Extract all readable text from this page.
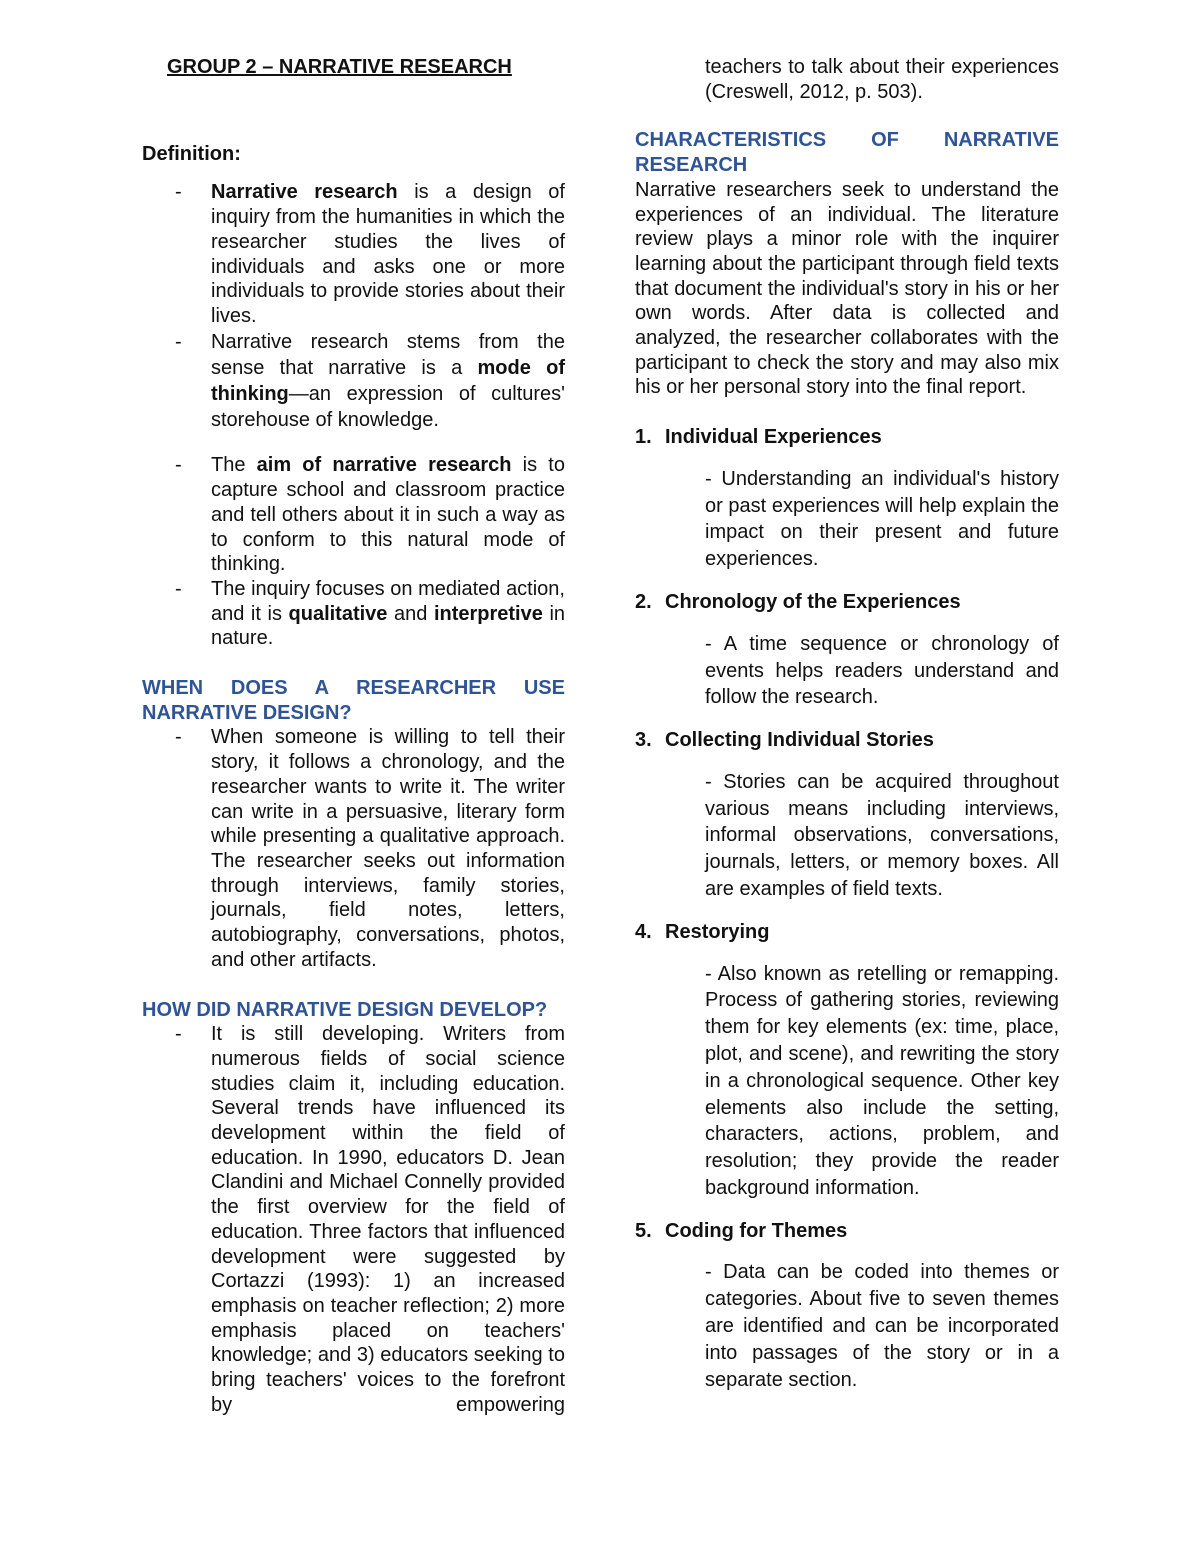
GROUP 2 – NARRATIVE RESEARCH

Definition:

-	Narrative research is a design of inquiry from the humanities in which the researcher studies the lives of individuals and asks one or more individuals to provide stories about their lives.
-	Narrative research stems from the sense that narrative is a mode of thinking—an expression of cultures' storehouse of knowledge.
-	The aim of narrative research is to capture school and classroom practice and tell others about it in such a way as to conform to this natural mode of thinking.
-	The inquiry focuses on mediated action, and it is qualitative and interpretive in nature.

WHEN DOES A RESEARCHER USE NARRATIVE DESIGN?

-	When someone is willing to tell their story, it follows a chronology, and the researcher wants to write it. The writer can write in a persuasive, literary form while presenting a qualitative approach. The researcher seeks out information through interviews, family stories, journals, field notes, letters, autobiography, conversations, photos, and other artifacts.

HOW DID NARRATIVE DESIGN DEVELOP?

-	It is still developing. Writers from numerous fields of social science studies claim it, including education. Several trends have influenced its development within the field of education. In 1990, educators D. Jean Clandini and Michael Connelly provided the first overview for the field of education. Three factors that influenced development were suggested by Cortazzi (1993): 1) an increased emphasis on teacher reflection; 2) more emphasis placed on teachers' knowledge; and 3) educators seeking to bring teachers' voices to the forefront by empowering

teachers to talk about their experiences (Creswell, 2012, p. 503).

CHARACTERISTICS OF NARRATIVE RESEARCH

Narrative researchers seek to understand the experiences of an individual. The literature review plays a minor role with the inquirer learning about the participant through field texts that document the individual's story in his or her own words. After data is collected and analyzed, the researcher collaborates with the participant to check the story and may also mix his or her personal story into the final report.

1. Individual Experiences

- Understanding an individual's history or past experiences will help explain the impact on their present and future experiences.

2. Chronology of the Experiences

- A time sequence or chronology of events helps readers understand and follow the research.

3. Collecting Individual Stories

- Stories can be acquired throughout various means including interviews, informal observations, conversations, journals, letters, or memory boxes. All are examples of field texts.

4. Restorying

- Also known as retelling or remapping. Process of gathering stories, reviewing them for key elements (ex: time, place, plot, and scene), and rewriting the story in a chronological sequence. Other key elements also include the setting, characters, actions, problem, and resolution; they provide the reader background information.

5. Coding for Themes

- Data can be coded into themes or categories. About five to seven themes are identified and can be incorporated into passages of the story or in a separate section.
